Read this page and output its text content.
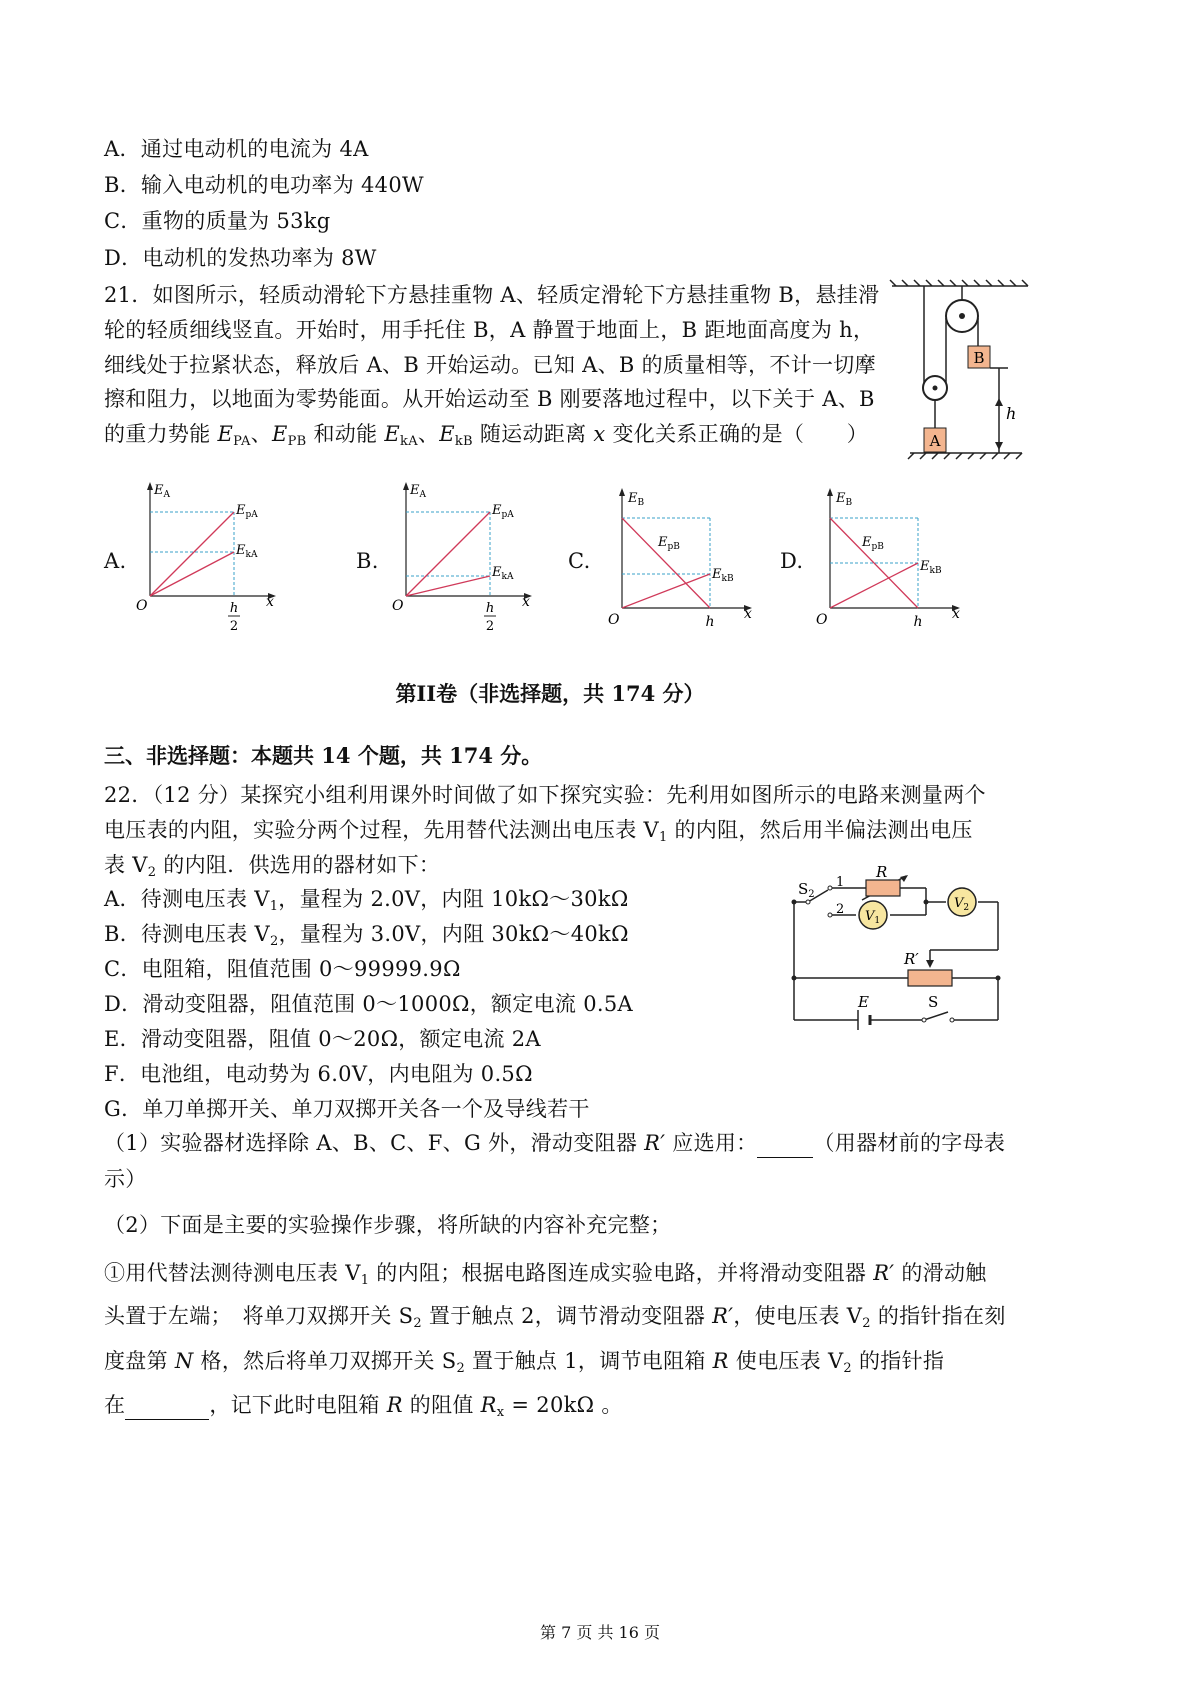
A．通过电动机的电流为 4A
B．输入电动机的电功率为 440W
C．重物的质量为 53kg
D．电动机的发热功率为 8W
21．如图所示，轻质动滑轮下方悬挂重物 A、轻质定滑轮下方悬挂重物 B，悬挂滑
轮的轻质细线竖直。开始时，用手托住 B，A 静置于地面上，B 距地面高度为 h，
细线处于拉紧状态，释放后 A、B 开始运动。已知 A、B 的质量相等，不计一切摩
擦和阻力，以地面为零势能面。从开始运动至 B 刚要落地过程中，以下关于 A、B
的重力势能 $E_{PA}$、$E_{PB}$ 和动能 $E_{kA}$、$E_{kB}$ 随运动距离 x 变化关系正确的是（　　）
B
A
h
A.	B.	C.	D.
$E_A$
$E_{pA}$
$E_{kA}$
O	x
h
2
$E_A$
$E_{pA}$
$E_{kA}$
O	x
h
2
$E_B$
$E_{pB}$
$E_{kB}$
O	x
h
$E_B$
$E_{pB}$
$E_{kB}$
O	x
h
第II卷（非选择题，共 174 分）
三、非选择题：本题共 14 个题，共 174 分。
22．（12 分）某探究小组利用课外时间做了如下探究实验：先利用如图所示的电路来测量两个
电压表的内阻，实验分两个过程，先用替代法测出电压表 $V_1$ 的内阻，然后用半偏法测出电压
表 $V_2$ 的内阻．供选用的器材如下：
A．待测电压表 $V_1$，量程为 2.0V，内阻 10kΩ～30kΩ
B．待测电压表 $V_2$，量程为 3.0V，内阻 30kΩ～40kΩ
C．电阻箱，阻值范围 0～99999.9Ω
D．滑动变阻器，阻值范围 0～1000Ω，额定电流 0.5A
E．滑动变阻器，阻值 0～20Ω，额定电流 2A
F．电池组，电动势为 6.0V，内电阻为 0.5Ω
G．单刀单掷开关、单刀双掷开关各一个及导线若干
$S_2$
1
2
R
$V_2$
$V_1$
R′
E	S
（1）实验器材选择除 A、B、C、F、G 外，滑动变阻器 R′ 应选用：	（用器材前的字母表
示）
（2）下面是主要的实验操作步骤，将所缺的内容补充完整；
①用代替法测待测电压表 $V_1$ 的内阻；根据电路图连成实验电路，并将滑动变阻器 R′ 的滑动触
头置于左端；　将单刀双掷开关 $S_2$ 置于触点 2，调节滑动变阻器 R′，使电压表 $V_2$ 的指针指在刻
度盘第 N 格，然后将单刀双掷开关 $S_2$ 置于触点 1，调节电阻箱 R 使电压表 $V_2$ 的指针指
在	，记下此时电阻箱 R 的阻值 $R_x = 20k\Omega$ 。
第 7 页 共 16 页
